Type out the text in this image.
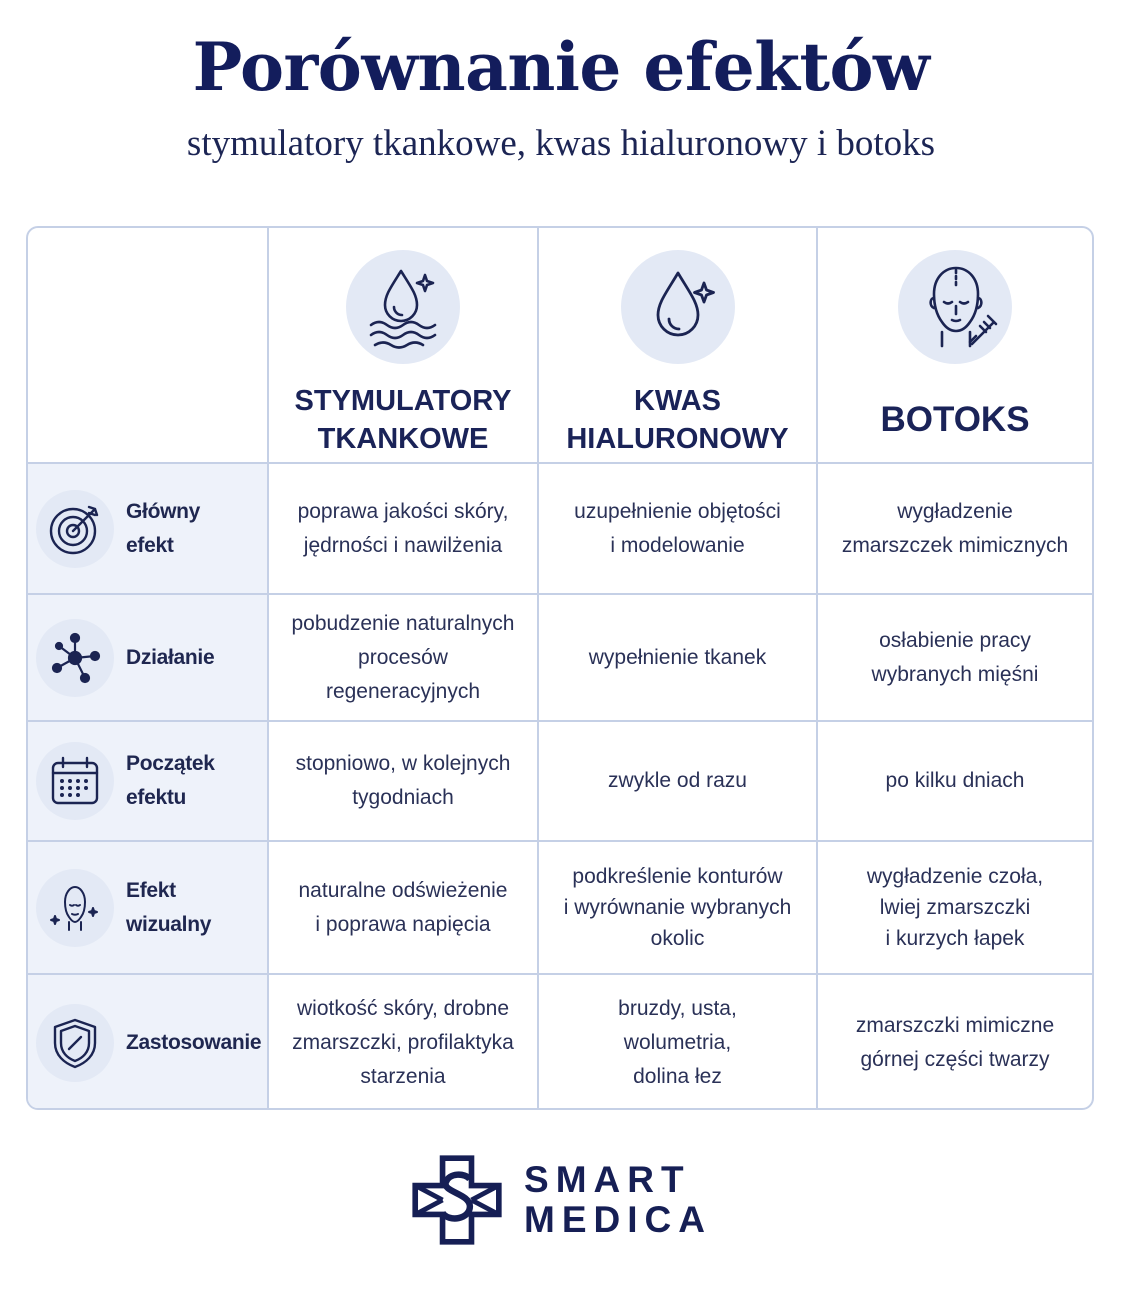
Porównanie efektów
stymulatory tkankowe, kwas hialuronowy i botoks
STYMULATORY
TKANKOWE
KWAS
HIALURONOWY	BOTOKS
Główny efekt
poprawa jakości skóry,
jędrności i nawilżenia
uzupełnienie objętości
i modelowanie
wygładzenie
zmarszczek mimicznych
Działanie
pobudzenie naturalnych
procesów regeneracyjnych
wypełnienie tkanek
osłabienie pracy
wybranych mięśni
Początek efektu
stopniowo, w kolejnych
tygodniach
zwykle od razu	po kilku dniach
Efekt wizualny
naturalne odświeżenie
i poprawa napięcia
podkreślenie konturów
i wyrównanie wybranych
okolic
wygładzenie czoła,
lwiej zmarszczki
i kurzych łapek
Zastosowanie
wiotkość skóry, drobne
zmarszczki, profilaktyka
starzenia
bruzdy, usta,
wolumetria,
dolina łez
zmarszczki mimiczne
górnej części twarzy
SMART
MEDICA
